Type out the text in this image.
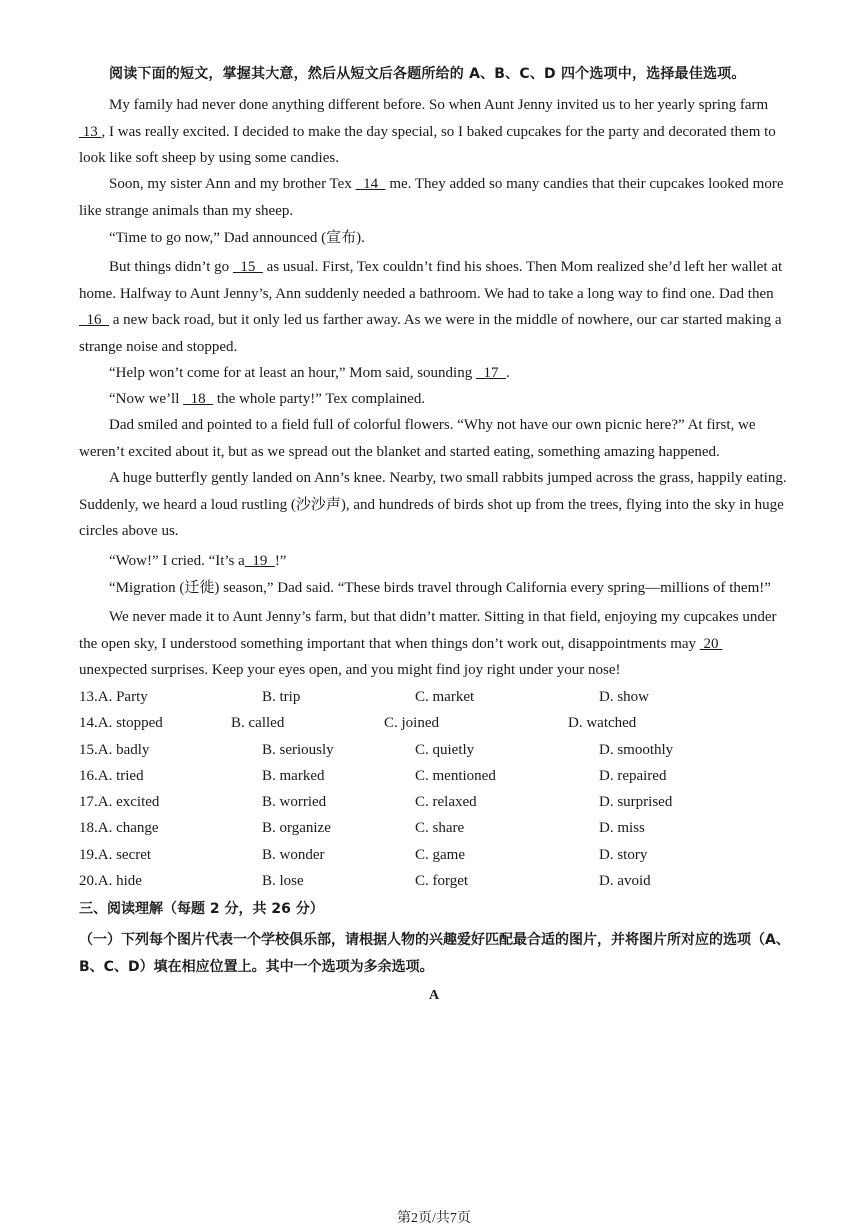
阅读下面的短文，掌握其大意，然后从短文后各题所给的 A、B、C、D 四个选项中，选择最佳选项。
My family had never done anything different before. So when Aunt Jenny invited us to her yearly spring farm  13 , I was really excited. I decided to make the day special, so I baked cupcakes for the party and decorated them to look like soft sheep by using some candies.
Soon, my sister Ann and my brother Tex   14   me. They added so many candies that their cupcakes looked more like strange animals than my sheep.
“Time to go now,” Dad announced (宣布).
But things didn’t go   15   as usual. First, Tex couldn’t find his shoes. Then Mom realized she’d left her wallet at home. Halfway to Aunt Jenny’s, Ann suddenly needed a bathroom. We had to take a long way to find one. Dad then   16   a new back road, but it only led us farther away. As we were in the middle of nowhere, our car started making a strange noise and stopped.
“Help won’t come for at least an hour,” Mom said, sounding   17  .
“Now we’ll   18   the whole party!” Tex complained.
Dad smiled and pointed to a field full of colorful flowers. “Why not have our own picnic here?” At first, we weren’t excited about it, but as we spread out the blanket and started eating, something amazing happened.
A huge butterfly gently landed on Ann’s knee. Nearby, two small rabbits jumped across the grass, happily eating. Suddenly, we heard a loud rustling (沙沙声), and hundreds of birds shot up from the trees, flying into the sky in huge circles above us.
“Wow!” I cried. “It’s a  19  !”
“Migration (迁徙) season,” Dad said. “These birds travel through California every spring—millions of them!”
We never made it to Aunt Jenny’s farm, but that didn’t matter. Sitting in that field, enjoying my cupcakes under the open sky, I understood something important that when things don’t work out, disappointments may  20  unexpected surprises. Keep your eyes open, and you might find joy right under your nose!
13.A. Party	B. trip	C. market	D. show
14.A. stopped	B. called	C. joined	D. watched
15.A. badly	B. seriously	C. quietly	D. smoothly
16.A. tried	B. marked	C. mentioned	D. repaired
17.A. excited	B. worried	C. relaxed	D. surprised
18.A. change	B. organize	C. share	D. miss
19.A. secret	B. wonder	C. game	D. story
20.A. hide	B. lose	C. forget	D. avoid
三、阅读理解（每题 2 分，共 26 分）
（一）下列每个图片代表一个学校俱乐部，请根据人物的兴趣爱好匹配最合适的图片，并将图片所对应的选项（A、B、C、D）填在相应位置上。其中一个选项为多余选项。
A
第2页/共7页
